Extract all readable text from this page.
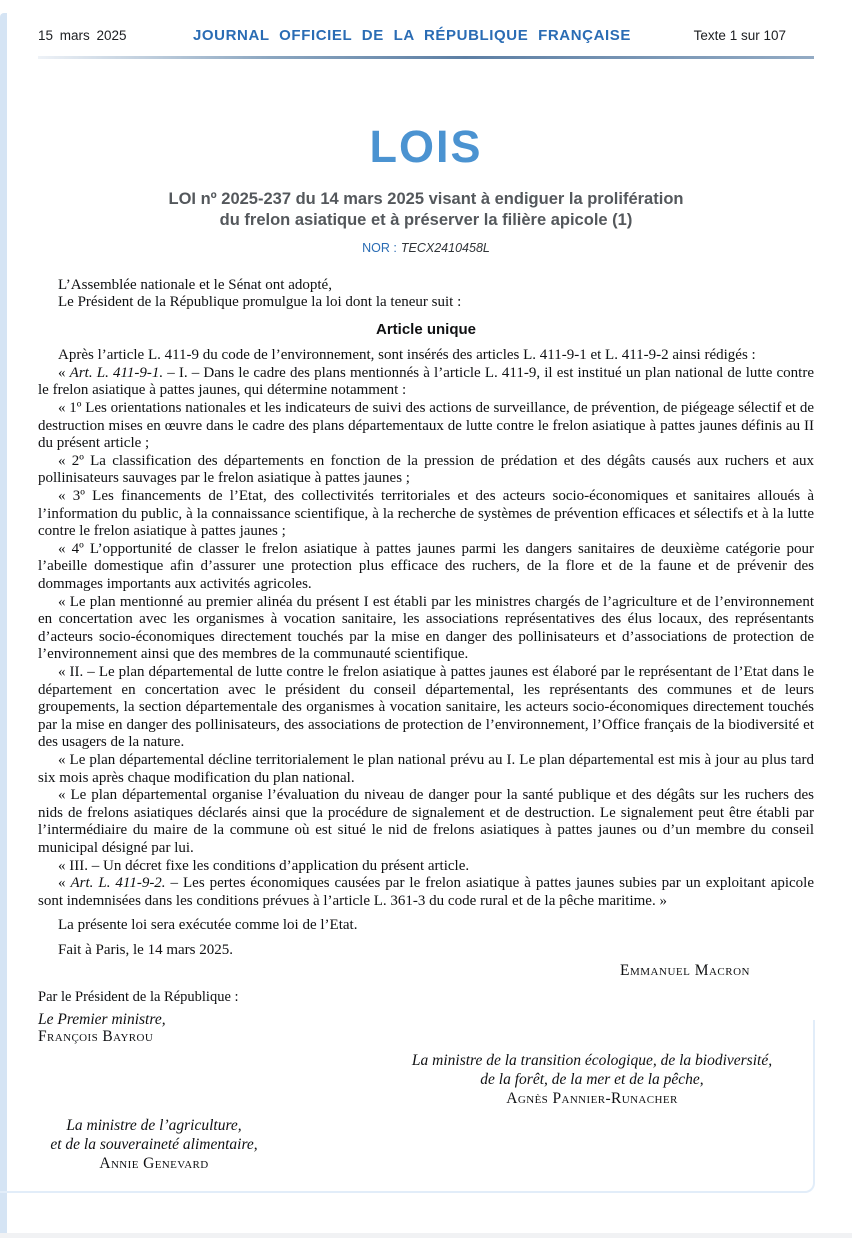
15 mars 2025	JOURNAL OFFICIEL DE LA RÉPUBLIQUE FRANÇAISE	Texte 1 sur 107
LOIS
LOI nº 2025-237 du 14 mars 2025 visant à endiguer la prolifération
du frelon asiatique et à préserver la filière apicole (1)
NOR : TECX2410458L

L’Assemblée nationale et le Sénat ont adopté,

Le Président de la République promulgue la loi dont la teneur suit :

Article unique

Après l’article L. 411-9 du code de l’environnement, sont insérés des articles L. 411-9-1 et L. 411-9-2 ainsi rédigés :

« Art. L. 411-9-1. – I. – Dans le cadre des plans mentionnés à l’article L. 411-9, il est institué un plan national de lutte contre le frelon asiatique à pattes jaunes, qui détermine notamment :

« 1º Les orientations nationales et les indicateurs de suivi des actions de surveillance, de prévention, de piégeage sélectif et de destruction mises en œuvre dans le cadre des plans départementaux de lutte contre le frelon asiatique à pattes jaunes définis au II du présent article ;

« 2º La classification des départements en fonction de la pression de prédation et des dégâts causés aux ruchers et aux pollinisateurs sauvages par le frelon asiatique à pattes jaunes ;

« 3º Les financements de l’Etat, des collectivités territoriales et des acteurs socio-économiques et sanitaires alloués à l’information du public, à la connaissance scientifique, à la recherche de systèmes de prévention efficaces et sélectifs et à la lutte contre le frelon asiatique à pattes jaunes ;

« 4º L’opportunité de classer le frelon asiatique à pattes jaunes parmi les dangers sanitaires de deuxième catégorie pour l’abeille domestique afin d’assurer une protection plus efficace des ruchers, de la flore et de la faune et de prévenir des dommages importants aux activités agricoles.

« Le plan mentionné au premier alinéa du présent I est établi par les ministres chargés de l’agriculture et de l’environnement en concertation avec les organismes à vocation sanitaire, les associations représentatives des élus locaux, des représentants d’acteurs socio-économiques directement touchés par la mise en danger des pollinisateurs et d’associations de protection de l’environnement ainsi que des membres de la communauté scientifique.

« II. – Le plan départemental de lutte contre le frelon asiatique à pattes jaunes est élaboré par le représentant de l’Etat dans le département en concertation avec le président du conseil départemental, les représentants des communes et de leurs groupements, la section départementale des organismes à vocation sanitaire, les acteurs socio-économiques directement touchés par la mise en danger des pollinisateurs, des associations de protection de l’environnement, l’Office français de la biodiversité et des usagers de la nature.

« Le plan départemental décline territorialement le plan national prévu au I. Le plan départemental est mis à jour au plus tard six mois après chaque modification du plan national.

« Le plan départemental organise l’évaluation du niveau de danger pour la santé publique et des dégâts sur les ruchers des nids de frelons asiatiques déclarés ainsi que la procédure de signalement et de destruction. Le signalement peut être établi par l’intermédiaire du maire de la commune où est situé le nid de frelons asiatiques à pattes jaunes ou d’un membre du conseil municipal désigné par lui.

« III. – Un décret fixe les conditions d’application du présent article.

« Art. L. 411-9-2. – Les pertes économiques causées par le frelon asiatique à pattes jaunes subies par un exploitant apicole sont indemnisées dans les conditions prévues à l’article L. 361-3 du code rural et de la pêche maritime. »

La présente loi sera exécutée comme loi de l’Etat.

Fait à Paris, le 14 mars 2025.

Emmanuel Macron

Par le Président de la République :

Le Premier ministre,

François Bayrou

La ministre de la transition écologique, de la biodiversité,
de la forêt, de la mer et de la pêche,
Agnès Pannier-Runacher
La ministre de l’agriculture,
et de la souveraineté alimentaire,
Annie Genevard
